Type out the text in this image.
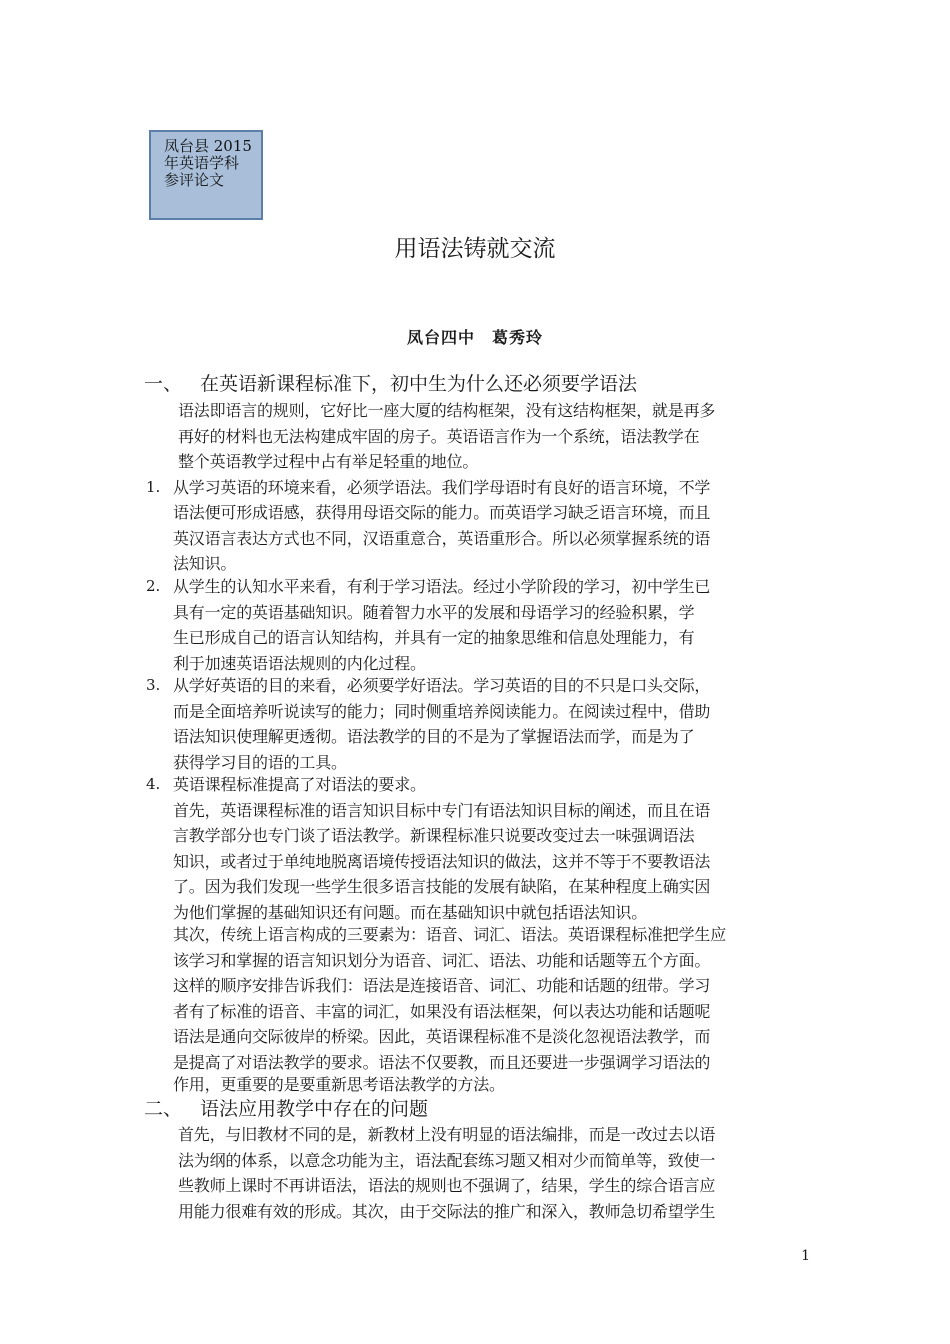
凤台县 2015
年英语学科
参评论文
用语法铸就交流
凤台四中　葛秀玲
一、 在英语新课程标准下，初中生为什么还必须要学语法
语法即语言的规则，它好比一座大厦的结构框架，没有这结构框架，就是再多
再好的材料也无法构建成牢固的房子。英语语言作为一个系统，语法教学在
整个英语教学过程中占有举足轻重的地位。
1. 从学习英语的环境来看，必须学语法。我们学母语时有良好的语言环境，不学
语法便可形成语感，获得用母语交际的能力。而英语学习缺乏语言环境，而且
英汉语言表达方式也不同，汉语重意合，英语重形合。所以必须掌握系统的语
法知识。
2. 从学生的认知水平来看，有利于学习语法。经过小学阶段的学习，初中学生已
具有一定的英语基础知识。随着智力水平的发展和母语学习的经验积累，学
生已形成自己的语言认知结构，并具有一定的抽象思维和信息处理能力，有
利于加速英语语法规则的内化过程。
3. 从学好英语的目的来看，必须要学好语法。学习英语的目的不只是口头交际，
而是全面培养听说读写的能力；同时侧重培养阅读能力。在阅读过程中，借助
语法知识使理解更透彻。语法教学的目的不是为了掌握语法而学，而是为了
获得学习目的语的工具。
4. 英语课程标准提高了对语法的要求。
首先，英语课程标准的语言知识目标中专门有语法知识目标的阐述，而且在语
言教学部分也专门谈了语法教学。新课程标准只说要改变过去一味强调语法
知识，或者过于单纯地脱离语境传授语法知识的做法，这并不等于不要教语法
了。因为我们发现一些学生很多语言技能的发展有缺陷，在某种程度上确实因
为他们掌握的基础知识还有问题。而在基础知识中就包括语法知识。
其次，传统上语言构成的三要素为：语音、词汇、语法。英语课程标准把学生应
该学习和掌握的语言知识划分为语音、词汇、语法、功能和话题等五个方面。
这样的顺序安排告诉我们：语法是连接语音、词汇、功能和话题的纽带。学习
者有了标准的语音、丰富的词汇，如果没有语法框架，何以表达功能和话题呢
语法是通向交际彼岸的桥梁。因此，英语课程标准不是淡化忽视语法教学，而
是提高了对语法教学的要求。语法不仅要教，而且还要进一步强调学习语法的
作用，更重要的是要重新思考语法教学的方法。
二、 语法应用教学中存在的问题
首先，与旧教材不同的是，新教材上没有明显的语法编排，而是一改过去以语
法为纲的体系，以意念功能为主，语法配套练习题又相对少而简单等，致使一
些教师上课时不再讲语法，语法的规则也不强调了，结果，学生的综合语言应
用能力很难有效的形成。其次，由于交际法的推广和深入，教师急切希望学生
1
